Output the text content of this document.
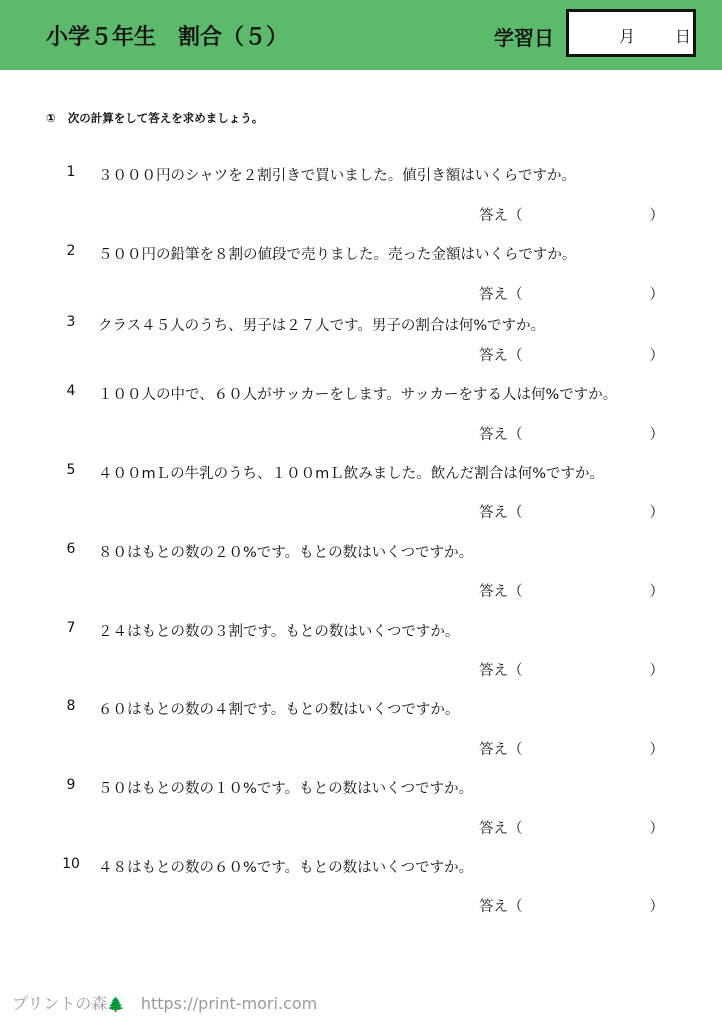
小学５年生　割合（５）	学習日	月 日
① 次の計算をして答えを求めましょう。
1	３０００円のシャツを２割引きで買いました。値引き額はいくらですか。
答え（	）
2	５００円の鉛筆を８割の値段で売りました。売った金額はいくらですか。
答え（	）
3	クラス４５人のうち、男子は２７人です。男子の割合は何%ですか。
答え（	）
4	１００人の中で、６０人がサッカーをします。サッカーをする人は何%ですか。
答え（	）
5	４００mＬの牛乳のうち、１００mＬ飲みました。飲んだ割合は何%ですか。
答え（	）
6	８０はもとの数の２０%です。もとの数はいくつですか。
答え（	）
7	２４はもとの数の３割です。もとの数はいくつですか。
答え（	）
8	６０はもとの数の４割です。もとの数はいくつですか。
答え（	）
9	５０はもとの数の１０%です。もとの数はいくつですか。
答え（	）
10 ４８はもとの数の６０%です。もとの数はいくつですか。
答え（	）
プリントの森🌲 https://print-mori.com
